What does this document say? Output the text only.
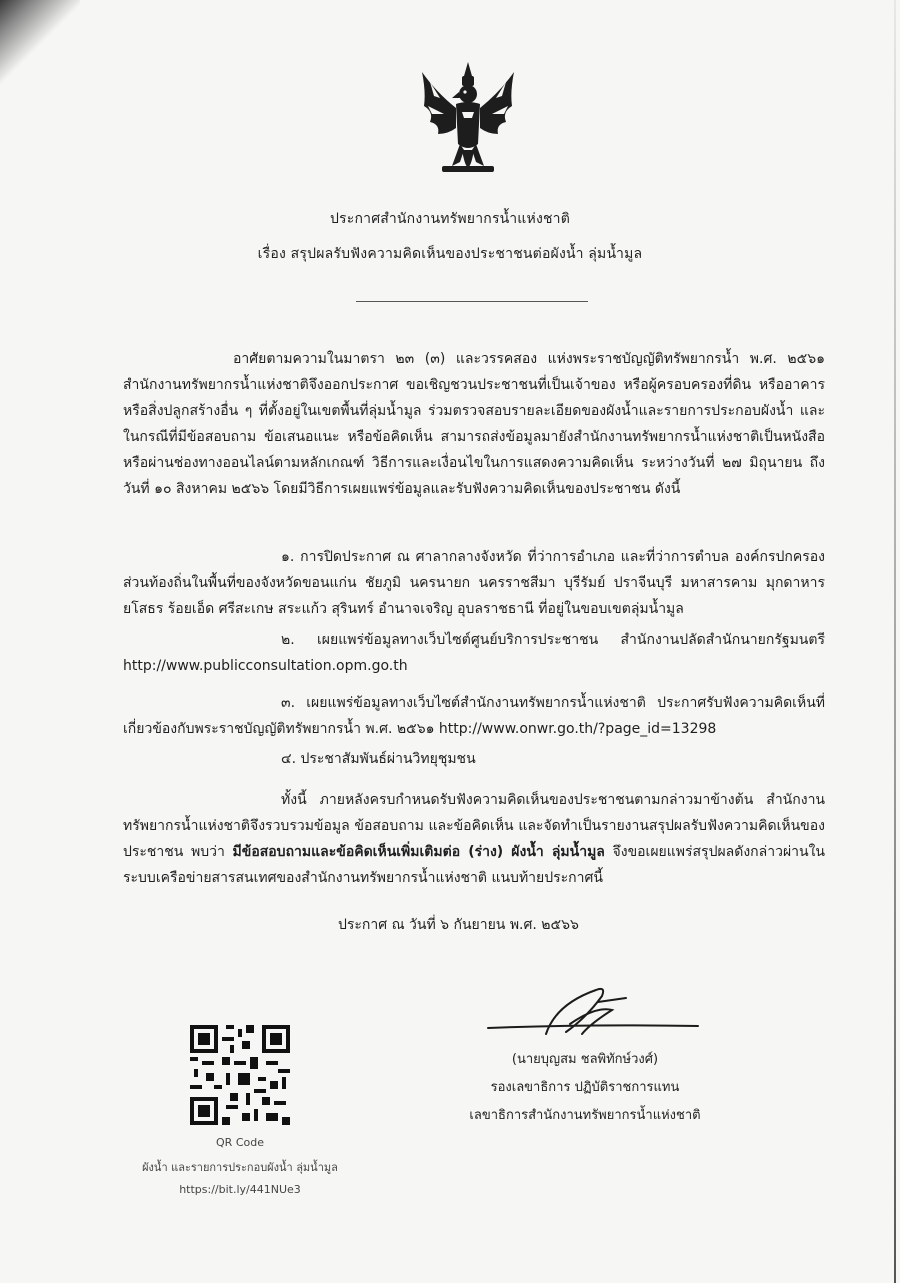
ประกาศสำนักงานทรัพยากรน้ำแห่งชาติ
เรื่อง สรุปผลรับฟังความคิดเห็นของประชาชนต่อผังน้ำ ลุ่มน้ำมูล

อาศัยตามความในมาตรา ๒๓ (๓) และวรรคสอง แห่งพระราชบัญญัติทรัพยากรน้ำ พ.ศ. ๒๕๖๑ สำนักงานทรัพยากรน้ำแห่งชาติจึงออกประกาศ ขอเชิญชวนประชาชนที่เป็นเจ้าของ หรือผู้ครอบครองที่ดิน หรืออาคาร หรือสิ่งปลูกสร้างอื่น ๆ ที่ตั้งอยู่ในเขตพื้นที่ลุ่มน้ำมูล ร่วมตรวจสอบรายละเอียดของผังน้ำและรายการประกอบผังน้ำ และในกรณีที่มีข้อสอบถาม ข้อเสนอแนะ หรือข้อคิดเห็น สามารถส่งข้อมูลมายังสำนักงานทรัพยากรน้ำแห่งชาติเป็นหนังสือหรือผ่านช่องทางออนไลน์ตามหลักเกณฑ์ วิธีการและเงื่อนไขในการแสดงความคิดเห็น ระหว่างวันที่ ๒๗ มิถุนายน ถึงวันที่ ๑๐ สิงหาคม ๒๕๖๖ โดยมีวิธีการเผยแพร่ข้อมูลและรับฟังความคิดเห็นของประชาชน ดังนี้

๑. การปิดประกาศ ณ ศาลากลางจังหวัด ที่ว่าการอำเภอ และที่ว่าการตำบล องค์กรปกครองส่วนท้องถิ่นในพื้นที่ของจังหวัดขอนแก่น ชัยภูมิ นครนายก นครราชสีมา บุรีรัมย์ ปราจีนบุรี มหาสารคาม มุกดาหาร ยโสธร ร้อยเอ็ด ศรีสะเกษ สระแก้ว สุรินทร์ อำนาจเจริญ อุบลราชธานี ที่อยู่ในขอบเขตลุ่มน้ำมูล

๒. เผยแพร่ข้อมูลทางเว็บไซต์ศูนย์บริการประชาชน สำนักงานปลัดสำนักนายกรัฐมนตรี http://www.publicconsultation.opm.go.th

๓. เผยแพร่ข้อมูลทางเว็บไซต์สำนักงานทรัพยากรน้ำแห่งชาติ ประกาศรับฟังความคิดเห็นที่เกี่ยวข้องกับพระราชบัญญัติทรัพยากรน้ำ พ.ศ. ๒๕๖๑ http://www.onwr.go.th/?page_id=13298

๔. ประชาสัมพันธ์ผ่านวิทยุชุมชน

ทั้งนี้ ภายหลังครบกำหนดรับฟังความคิดเห็นของประชาชนตามกล่าวมาข้างต้น สำนักงานทรัพยากรน้ำแห่งชาติจึงรวบรวมข้อมูล ข้อสอบถาม และข้อคิดเห็น และจัดทำเป็นรายงานสรุปผลรับฟังความคิดเห็นของประชาชน พบว่า มีข้อสอบถามและข้อคิดเห็นเพิ่มเติมต่อ (ร่าง) ผังน้ำ ลุ่มน้ำมูล จึงขอเผยแพร่สรุปผลดังกล่าวผ่านในระบบเครือข่ายสารสนเทศของสำนักงานทรัพยากรน้ำแห่งชาติ แนบท้ายประกาศนี้

ประกาศ ณ วันที่ ๖ กันยายน พ.ศ. ๒๕๖๖
(นายบุญสม ชลพิทักษ์วงศ์)
รองเลขาธิการ ปฏิบัติราชการแทน
เลขาธิการสำนักงานทรัพยากรน้ำแห่งชาติ
QR Code
ผังน้ำ และรายการประกอบผังน้ำ ลุ่มน้ำมูล
https://bit.ly/441NUe3
